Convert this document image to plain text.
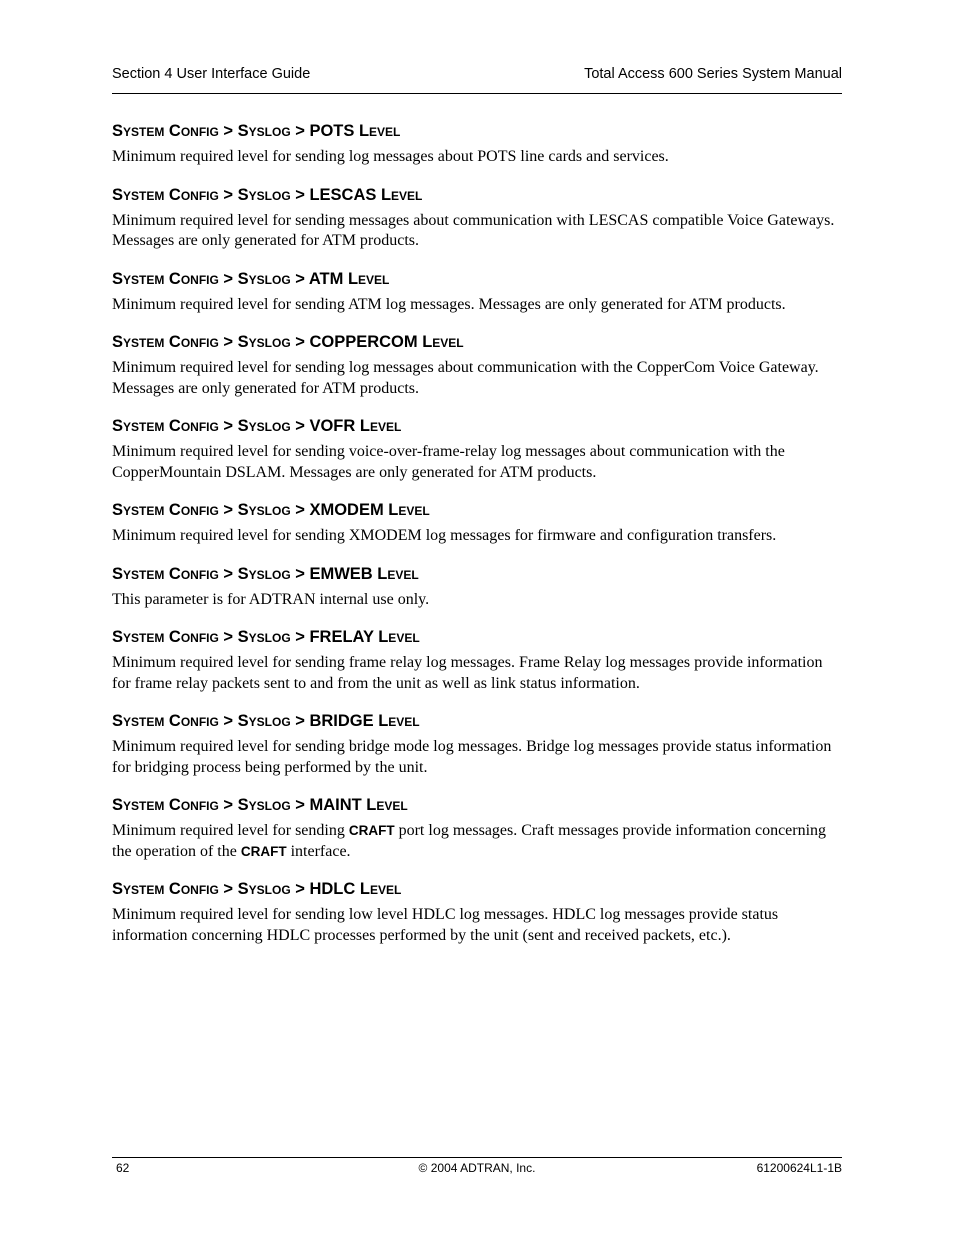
Section 4 User Interface Guide	Total Access 600 Series System Manual
System Config > Syslog > POTS Level

Minimum required level for sending log messages about POTS line cards and services.

System Config > Syslog > LESCAS Level

Minimum required level for sending messages about communication with LESCAS compatible Voice Gateways. Messages are only generated for ATM products.

System Config > Syslog > ATM Level

Minimum required level for sending ATM log messages. Messages are only generated for ATM products.

System Config > Syslog > COPPERCOM Level

Minimum required level for sending log messages about communication with the CopperCom Voice Gateway. Messages are only generated for ATM products.

System Config > Syslog > VOFR Level

Minimum required level for sending voice-over-frame-relay log messages about communication with the CopperMountain DSLAM. Messages are only generated for ATM products.

System Config > Syslog > XMODEM Level

Minimum required level for sending XMODEM log messages for firmware and configuration transfers.

System Config > Syslog > EMWEB Level

This parameter is for ADTRAN internal use only.

System Config > Syslog > FRELAY Level

Minimum required level for sending frame relay log messages. Frame Relay log messages provide information for frame relay packets sent to and from the unit as well as link status information.

System Config > Syslog > BRIDGE Level

Minimum required level for sending bridge mode log messages. Bridge log messages provide status information for bridging process being performed by the unit.

System Config > Syslog > MAINT Level

Minimum required level for sending CRAFT port log messages. Craft messages provide information concerning the operation of the CRAFT interface.

System Config > Syslog > HDLC Level

Minimum required level for sending low level HDLC log messages. HDLC log messages provide status information concerning HDLC processes performed by the unit (sent and received packets, etc.).

62	© 2004 ADTRAN, Inc.	61200624L1-1B
